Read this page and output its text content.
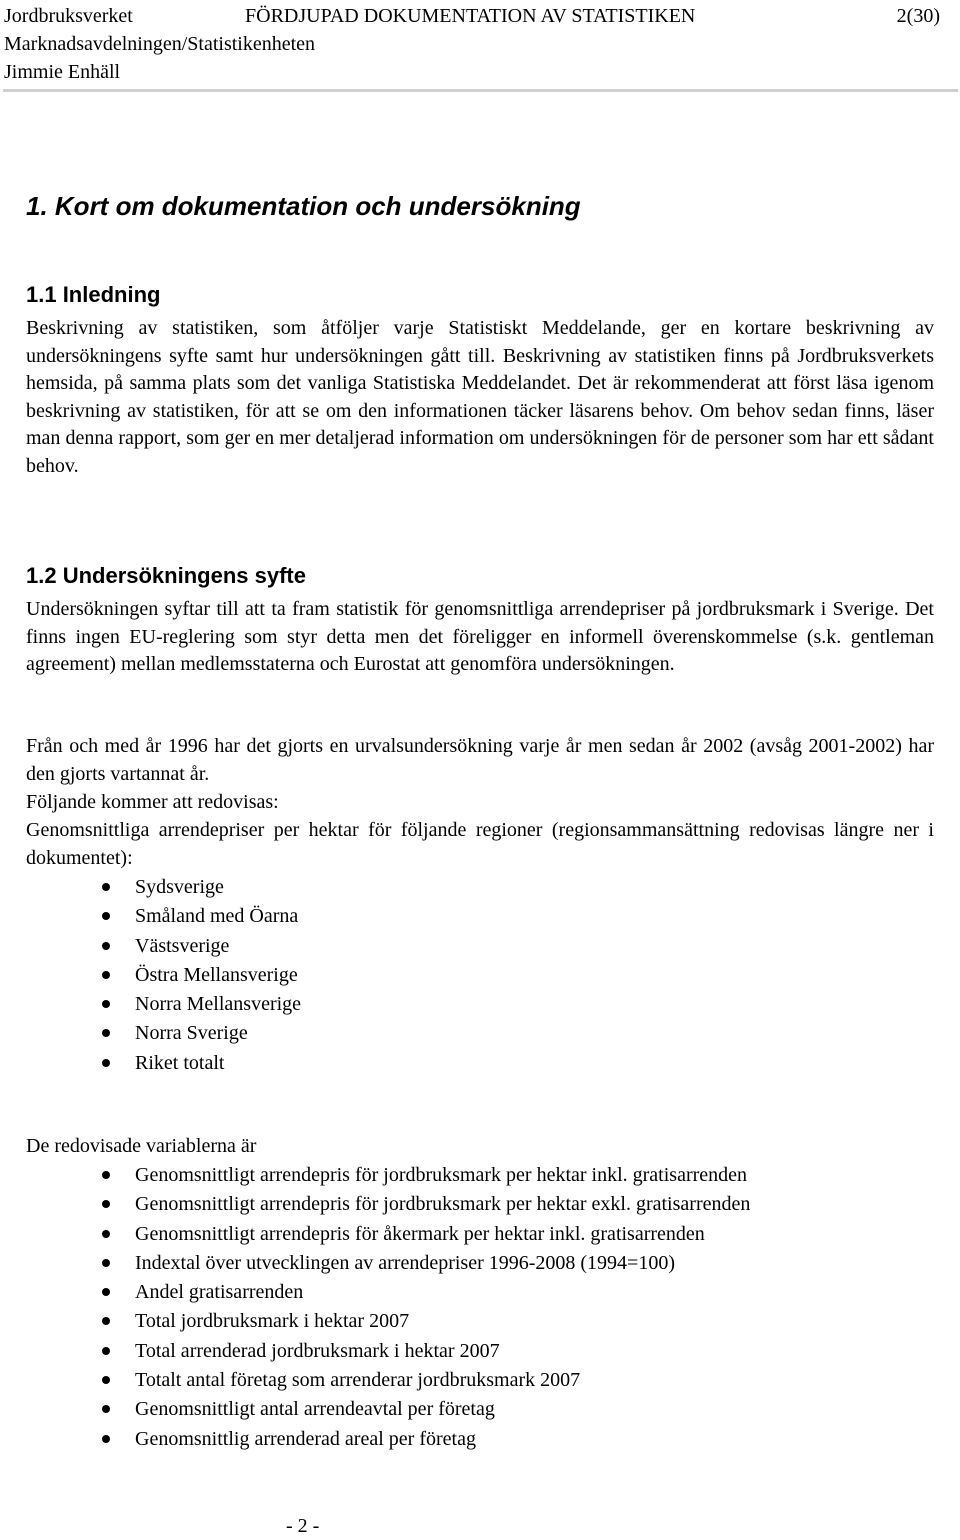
Jordbruksverket	FÖRDJUPAD DOKUMENTATION AV STATISTIKEN	2(30)
Marknadsavdelningen/Statistikenheten
Jimmie Enhäll
1. Kort om dokumentation och undersökning
1.1 Inledning

Beskrivning av statistiken, som åtföljer varje Statistiskt Meddelande, ger en kortare beskrivning av undersökningens syfte samt hur undersökningen gått till. Beskrivning av statistiken finns på Jordbruksverkets hemsida, på samma plats som det vanliga Statistiska Meddelandet. Det är rekommenderat att först läsa igenom beskrivning av statistiken, för att se om den informationen täcker läsarens behov. Om behov sedan finns, läser man denna rapport, som ger en mer detaljerad information om undersökningen för de personer som har ett sådant behov.

1.2 Undersökningens syfte

Undersökningen syftar till att ta fram statistik för genomsnittliga arrendepriser på jordbruksmark i Sverige. Det finns ingen EU-reglering som styr detta men det föreligger en informell överenskommelse (s.k. gentleman agreement) mellan medlemsstaterna och Eurostat att genomföra undersökningen.

Från och med år 1996 har det gjorts en urvalsundersökning varje år men sedan år 2002 (avsåg 2001-2002) har den gjorts vartannat år.

Följande kommer att redovisas:

Genomsnittliga arrendepriser per hektar för följande regioner (regionsammansättning redovisas längre ner i dokumentet):

Sydsverige
Småland med Öarna
Västsverige
Östra Mellansverige
Norra Mellansverige
Norra Sverige
Riket totalt

De redovisade variablerna är

Genomsnittligt arrendepris för jordbruksmark per hektar inkl. gratisarrenden
Genomsnittligt arrendepris för jordbruksmark per hektar exkl. gratisarrenden
Genomsnittligt arrendepris för åkermark per hektar inkl. gratisarrenden
Indextal över utvecklingen av arrendepriser 1996-2008 (1994=100)
Andel gratisarrenden
Total jordbruksmark i hektar 2007
Total arrenderad jordbruksmark i hektar 2007
Totalt antal företag som arrenderar jordbruksmark 2007
Genomsnittligt antal arrendeavtal per företag
Genomsnittlig arrenderad areal per företag
- 2 -
